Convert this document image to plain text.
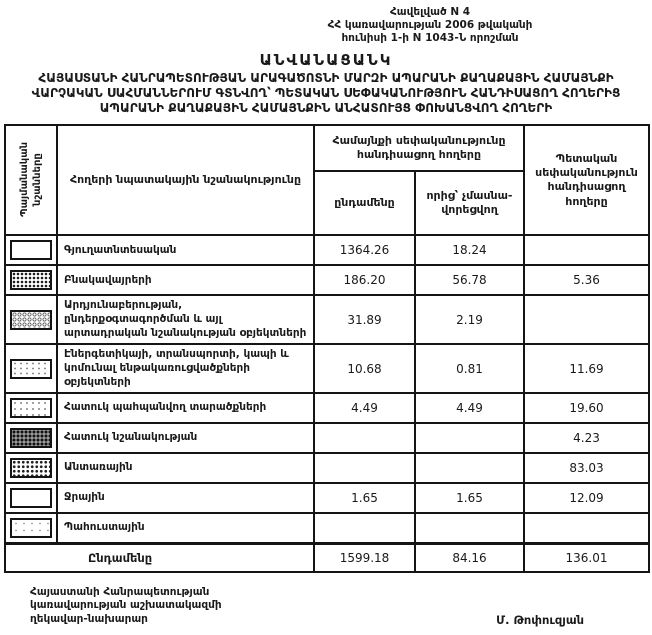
Հավելված N 4
ՀՀ կառավարության 2006 թվականի
հունիսի 1-ի N 1043-Ն որոշման
ԱՆՎԱՆԱՑԱՆԿ
ՀԱՅԱՍՏԱՆԻ ՀԱՆՐԱՊԵՏՈՒԹՅԱՆ ԱՐԱԳԱԾՈՏՆԻ ՄԱՐԶԻ ԱՊԱՐԱՆԻ ՔԱՂԱՔԱՅԻՆ ՀԱՄԱՅՆՔԻ ՎԱՐՉԱԿԱՆ ՍԱՀՄԱՆՆԵՐՈՒՄ ԳՏՆՎՈՂ՝ ՊԵՏԱԿԱՆ ՍԵՓԱԿԱՆՈՒԹՅՈՒՆ ՀԱՆԴԻՍԱՑՈՂ ՀՈՂԵՐԻՑ ԱՊԱՐԱՆԻ ՔԱՂԱՔԱՅԻՆ ՀԱՄԱՅՆՔԻՆ ԱՆՀԱՏՈՒՅՑ ՓՈԽԱՆՑՎՈՂ ՀՈՂԵՐԻ
Պայմանական նշանները	Հողերի նպատակային նշանակությունը	Համայնքի սեփականությունը հանդիսացող հողերը		Պետական սեփականություն հանդիսացող հողերը
		ընդամենը	որից՝ չմասնա-վորեցվող	

	Գյուղատնտեսական	1364.26	18.24	

	Բնակավայրերի	186.20	56.78	5.36

	Արդյունաբերության, ընդերքօգտագործման և այլ արտադրական նշանակության օբյեկտների	31.89	2.19	

	Էներգետիկայի, տրանսպորտի, կապի և կոմունալ ենթակառուցվածքների օբյեկտների	10.68	0.81	11.69

	Հատուկ պահպանվող տարածքների	4.49	4.49	19.60

	Հատուկ նշանակության			4.23

	Անտառային			83.03

	Ջրային	1.65	1.65	12.09

	Պահուստային			
Ընդամենը		1599.18	84.16	136.01
Հայաստանի Հանրապետության
կառավարության աշխատակազմի
ղեկավար-նախարար	Մ. Թոփուզյան
